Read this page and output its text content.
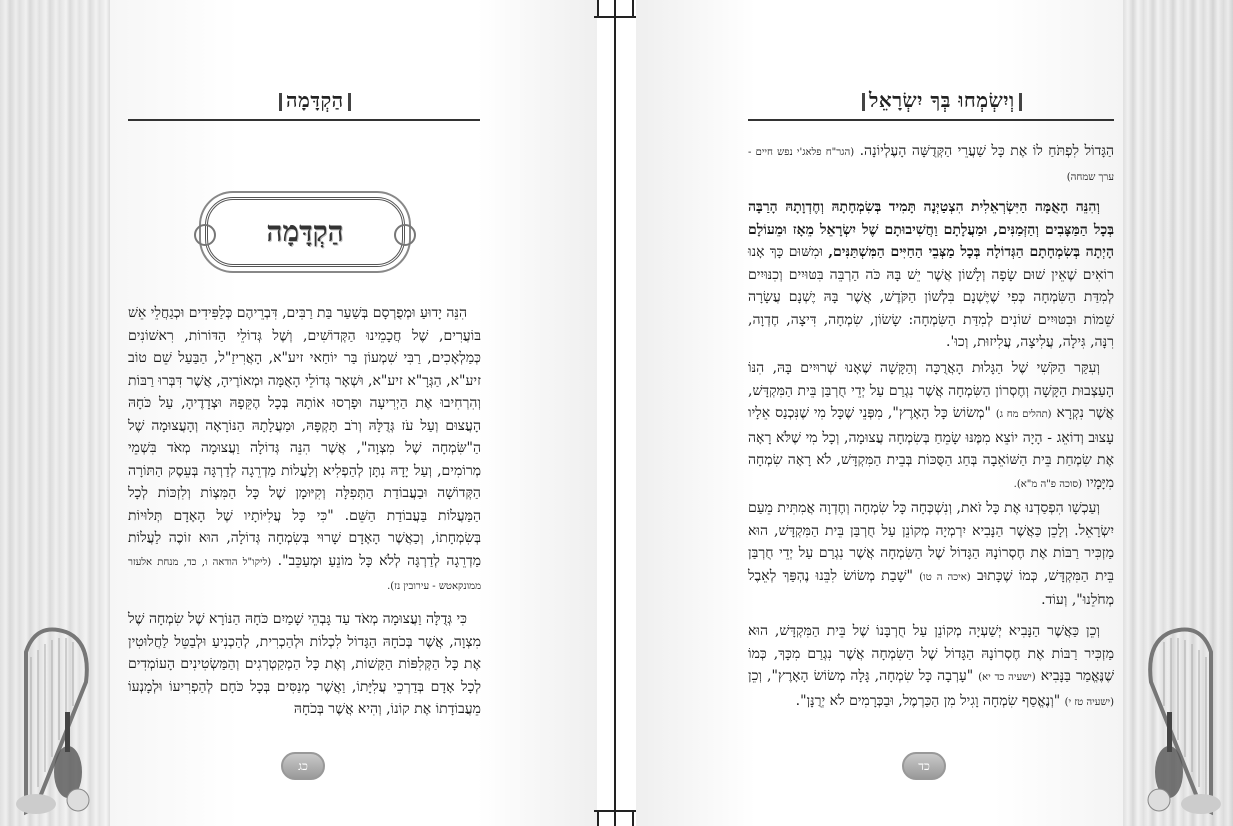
הַקְדָּמָה
הַקְדָּמָה

הִנֵּה יָדוּעַ וּמְפֻרְסָם בְּשַׁעַר בַּת רַבִּים, דִּבְרֵיהֶם כְּלַפִּידִים וּכְגַחֲלֵי אֵשׁ בּוֹעֲרִים, שֶׁל חֲכָמֵינוּ הַקְּדוֹשִׁים, וְשֶׁל גְּדוֹלֵי הַדּוֹרוֹת, רִאשׁוֹנִים כְּמַלְאָכִים, רַבִּי שִׁמְעוֹן בַּר יוֹחַאי זיע"א, הָאֲרִיזַ"ל, הַבַּעַל שֵׁם טוֹב זיע"א, הַגְּרָ"א זיע"א, וּשְׁאָר גְּדוֹלֵי הָאֻמָּה וּמְאוֹרֶיהָ, אֲשֶׁר דִּבְּרוּ רַבּוֹת וְהִרְחִיבוּ אֶת הַיְרִיעָה וּפָרְסוּ אוֹתָהּ בְּכָל הֶקֵּפָהּ וּצְדָדֶיהָ, עַל כֹּחָהּ הָעֲצוּם וְעַל עֹז גְּדֻלָּהּ וְרֹב תָּקְפָּהּ, וּמַעֲלָתָהּ הַנּוֹרָאָה וְהָעֲצוּמָה שֶׁל הַ"שִּׂמְחָה שֶׁל מִצְוָה", אֲשֶׁר הִנֵּה גְּדוֹלָה וַעֲצוּמָה מְאֹד בִּשְׁמֵי מְרוֹמִים, וְעַל יָדָהּ נִתָּן לְהַפְלִיא וְלַעֲלוֹת מַדְרֵגָה לְדַרְגָּה בְּעֵסֶק הַתּוֹרָה הַקְּדוֹשָׁה וּבַעֲבוֹדַת הַתְּפִלָּה וְקִיּוּמָן שֶׁל כָּל הַמִּצְוֹת וְלִזְכּוֹת לְכָל הַמַּעֲלוֹת בַּעֲבוֹדַת הַשֵּׁם. "כִּי כָּל עֲלִיּוֹתָיו שֶׁל הָאָדָם תְּלוּיוֹת בְּשִׂמְחָתוֹ, וְכַאֲשֶׁר הָאָדָם שָׁרוּי בְּשִׂמְחָה גְּדוֹלָה, הוּא זוֹכֶה לַעֲלוֹת מַדְרֵגָה לְדַרְגָּה לְלֹא כָּל מוֹנֵעַ וּמְעַכֵּב". (ליקו"ל הודאה ו, כד, מנחת אלעזר ממונקאטש - עירובין נז).

כִּי גְּדֻלָּה וַעֲצוּמָה מְאֹד עַד גָּבְהֵי שָׁמַיִם כֹּחָהּ הַנּוֹרָא שֶׁל שִׂמְחָה שֶׁל מִצְוָה, אֲשֶׁר בְּכֹחָהּ הַגָּדוֹל לִכְלוֹת וּלְהַכְרִית, לְהַכְנִיעַ וּלְבַטֵּל לַחֲלוּטִין אֶת כָּל הַקְּלִפּוֹת הַקָּשׁוֹת, וְאֶת כָּל הַמְקַטְרְגִים וְהַמַּשְׂטִינִים הָעוֹמְדִים לְכָל אָדָם בְּדַרְכֵי עֲלִיָּתוֹ, וַאֲשֶׁר מְנַסִּים בְּכָל כֹּחָם לְהַפְרִיעוֹ וּלְמָנְעוֹ מֵעֲבוֹדָתוֹ אֶת קוֹנוֹ, וְהִיא אֲשֶׁר בְּכֹחָהּ

כג
וְיִשְׂמְחוּ בְּךָ יִשְׂרָאֵל
הַגָּדוֹל לִפְתֹּחַ לוֹ אֶת כָּל שַׁעֲרֵי הַקְּדֻשָּׁה הָעֶלְיוֹנָה. (הגר"ח פלאג'י נפש חיים - ערך שמחה)

וְהִנֵּה הָאֻמָּה הַיִּשְׂרְאֵלִית הִצְטַיְּנָה תָּמִיד בְּשִׂמְחָתָהּ וְחֶדְוָתָהּ הָרַבָּה בְּכָל הַמַּצָּבִים וְהַזְּמַנִּים, וּמַעֲלָתָם וַחֲשִׁיבוּתָם שֶׁל יִשְׂרָאֵל מֵאָז וּמֵעוֹלָם הָיְתָה בְּשִׂמְחָתָם הַגְּדוֹלָה בְּכָל מַצְּבֵי הַחַיִּים הַמִּשְׁתַּנִּים, וּמִשּׁוּם כָּךְ אָנוּ רוֹאִים שֶׁאֵין שׁוּם שָׂפָה וְלָשׁוֹן אֲשֶׁר יֵשׁ בָּהּ כֹּה הַרְבֵּה בִּטּוּיִים וְכִנּוּיִים לְמִדַּת הַשִּׂמְחָה כְּפִי שֶׁיֶּשְׁנָם בִּלְשׁוֹן הַקֹּדֶשׁ, אֲשֶׁר בָּהּ יֶשְׁנָם עֲשָׂרָה שֵׁמוֹת וּבִטּוּיִים שׁוֹנִים לְמִדַּת הַשִּׂמְחָה: שָׂשׂוֹן, שִׂמְחָה, דִּיצָה, חֶדְוָה, רִנָּה, גִּילָה, עֲלִיצָה, עֲלִיזוּת, וְכוּ'.

וְעִקַּר הַקֹּשִׁי שֶׁל הַגָּלוּת הָאֲרֻכָּה וְהַקָּשָׁה שֶׁאָנוּ שְׁרוּיִים בָּהּ, הִנּוֹ הָעַצְבוּת הַקָּשָׁה וְחֶסְרוֹן הַשִּׂמְחָה אֲשֶׁר נִגְרַם עַל יְדֵי חֻרְבַּן בֵּית הַמִּקְדָּשׁ, אֲשֶׁר נִקְרָא (תהלים מח ג) "מְשׂוֹשׂ כָּל הָאָרֶץ", מִפְּנֵי שֶׁכָּל מִי שֶׁנִּכְנַס אֵלָיו עָצוּב וְדוֹאֵג - הָיָה יוֹצֵא מִמֶּנּוּ שָׂמֵחַ בְּשִׂמְחָה עֲצוּמָה, וְכָל מִי שֶׁלֹּא רָאָה אֶת שִׂמְחַת בֵּית הַשּׁוֹאֵבָה בְּחַג הַסֻּכּוֹת בְּבֵית הַמִּקְדָּשׁ, לֹא רָאָה שִׂמְחָה מִיָּמָיו (סוכה פ"ה מ"א).

וְעַכְשָׁו הִפְסַדְנוּ אֶת כָּל זֹאת, וְנִשְׁכְּחָה כָּל שִׂמְחָה וְחֶדְוָה אֲמִתִּית מֵעַם יִשְׂרָאֵל. וְלָכֵן כַּאֲשֶׁר הַנָּבִיא יִרְמְיָה מְקוֹנֵן עַל חֻרְבַּן בֵּית הַמִּקְדָּשׁ, הוּא מַזְכִּיר רַבּוֹת אֶת חֶסְרוֹנָהּ הַגָּדוֹל שֶׁל הַשִּׂמְחָה אֲשֶׁר נִגְרַם עַל יְדֵי חֻרְבַּן בֵּית הַמִּקְדָּשׁ, כְּמוֹ שֶׁכָּתוּב (איכה ה טו) "שָׁבַת מְשׂוֹשׂ לִבֵּנוּ נֶהְפַּךְ לְאֵבֶל מְחֹלֵנוּ", וְעוֹד.

וְכֵן כַּאֲשֶׁר הַנָּבִיא יְשַׁעְיָה מְקוֹנֵן עַל חֻרְבָּנוֹ שֶׁל בֵּית הַמִּקְדָּשׁ, הוּא מַזְכִּיר רַבּוֹת אֶת חֶסְרוֹנָהּ הַגָּדוֹל שֶׁל הַשִּׂמְחָה אֲשֶׁר נִגְרַם מִכָּךְ, כְּמוֹ שֶׁנֶּאֱמַר בַּנָּבִיא (ישעיה כד יא) "עָרְבָה כָּל שִׂמְחָה, גָּלָה מְשׂוֹשׂ הָאָרֶץ", וְכֵן (ישעיה טז י) "וְנֶאֱסַף שִׂמְחָה וָגִיל מִן הַכַּרְמֶל, וּבַכְּרָמִים לֹא יְרֻנָּן".

כד
